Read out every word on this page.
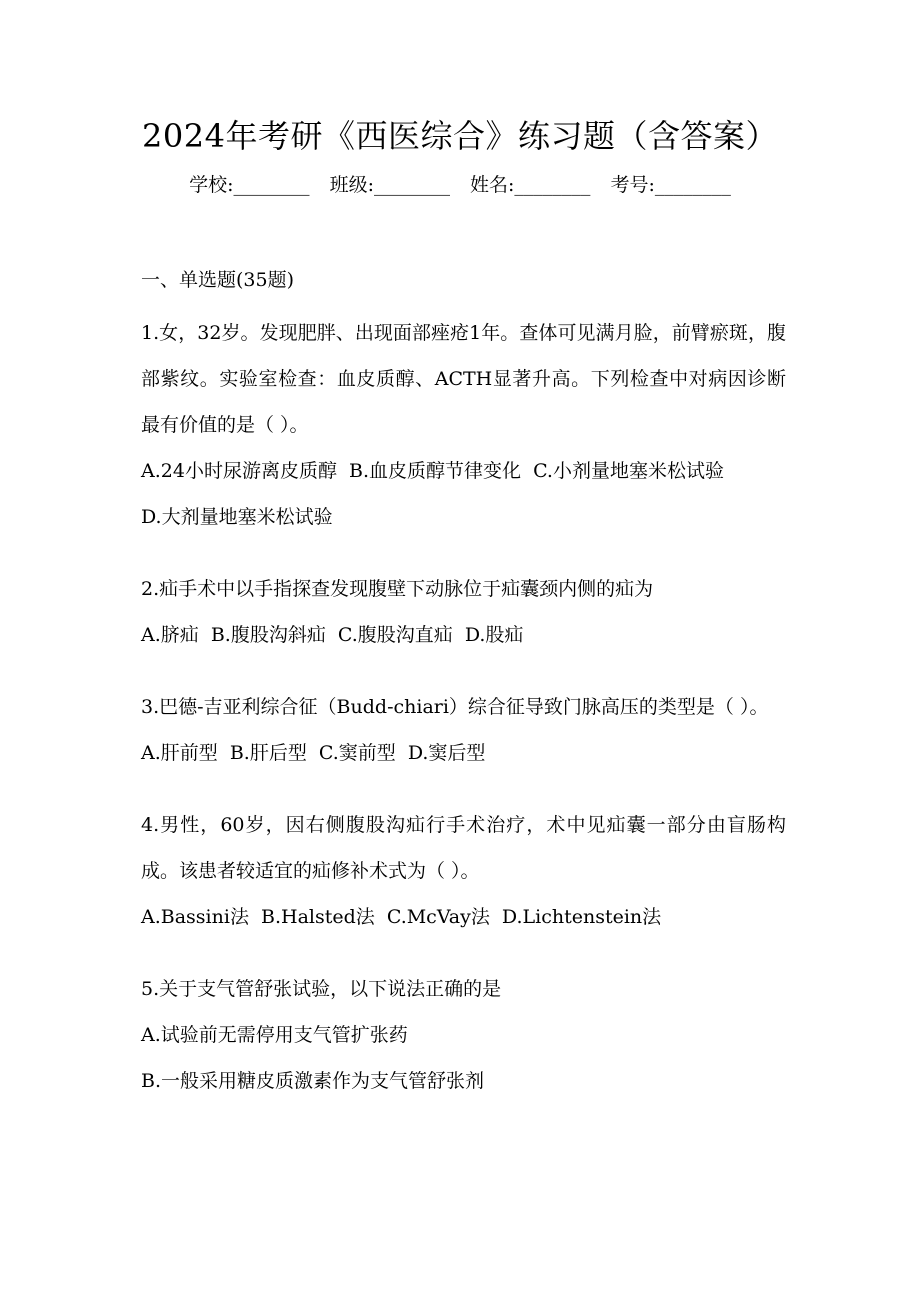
2024年考研《西医综合》练习题（含答案）
学校:________ 班级:________ 姓名:________ 考号:________

一、单选题(35题)

1.女，32岁。发现肥胖、出现面部痤疮1年。查体可见满月脸，前臂瘀斑，腹部紫纹。实验室检查：血皮质醇、ACTH显著升高。下列检查中对病因诊断最有价值的是（ ）。

A.24小时尿游离皮质醇 B.血皮质醇节律变化 C.小剂量地塞米松试验

D.大剂量地塞米松试验

2.疝手术中以手指探查发现腹壁下动脉位于疝囊颈内侧的疝为

A.脐疝 B.腹股沟斜疝 C.腹股沟直疝 D.股疝

3.巴德-吉亚利综合征（Budd-chiari）综合征导致门脉高压的类型是（ ）。

A.肝前型 B.肝后型 C.窦前型 D.窦后型

4.男性，60岁，因右侧腹股沟疝行手术治疗，术中见疝囊一部分由盲肠构成。该患者较适宜的疝修补术式为（ ）。

A.Bassini法 B.Halsted法 C.McVay法 D.Lichtenstein法

5.关于支气管舒张试验，以下说法正确的是

A.试验前无需停用支气管扩张药

B.一般采用糖皮质激素作为支气管舒张剂
